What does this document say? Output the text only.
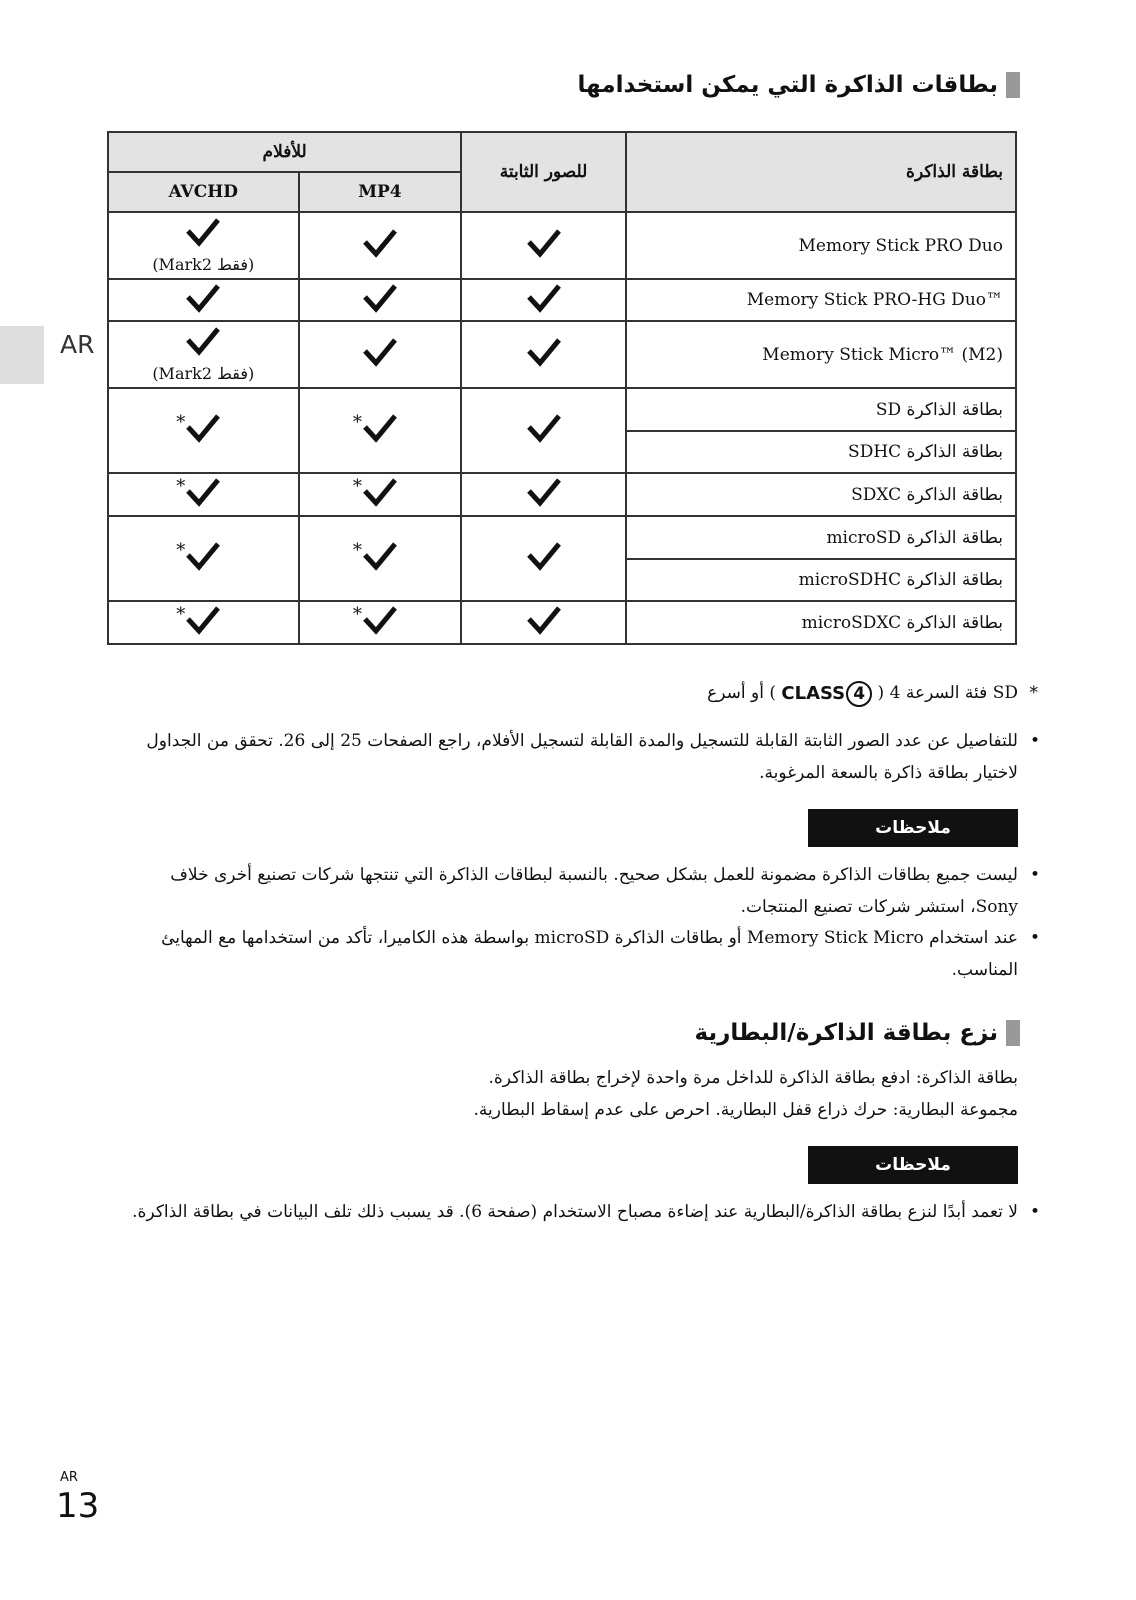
AR
بطاقات الذاكرة التي يمكن استخدامها
للأفلام		للصور الثابتة	بطاقة الذاكرة
AVCHD	MP4		

(Mark2 فقط)			Memory Stick PRO Duo
			Memory Stick PRO-HG Duo™

(Mark2 فقط)			Memory Stick Micro™ (M2)

*	*		بطاقة الذاكرة SD
			بطاقة الذاكرة SDHC

*	*		بطاقة الذاكرة SDXC

*	*		بطاقة الذاكرة microSD
			بطاقة الذاكرة microSDHC

*	*		بطاقة الذاكرة microSDXC
*
SD فئة السرعة 4 (
CLASS 4
) أو أسرع
•
للتفاصيل عن عدد الصور الثابتة القابلة للتسجيل والمدة القابلة لتسجيل الأفلام، راجع الصفحات 25 إلى 26. تحقق من الجداول
لاختيار بطاقة ذاكرة بالسعة المرغوبة.
ملاحظات
•
ليست جميع بطاقات الذاكرة مضمونة للعمل بشكل صحيح. بالنسبة لبطاقات الذاكرة التي تنتجها شركات تصنيع أخرى خلاف
Sony، استشر شركات تصنيع المنتجات.
•
عند استخدام Memory Stick Micro أو بطاقات الذاكرة microSD بواسطة هذه الكاميرا، تأكد من استخدامها مع المهايئ
المناسب.
نزع بطاقة الذاكرة/البطارية
بطاقة الذاكرة: ادفع بطاقة الذاكرة للداخل مرة واحدة لإخراج بطاقة الذاكرة.
مجموعة البطارية: حرك ذراع قفل البطارية. احرص على عدم إسقاط البطارية.
ملاحظات
•
لا تعمد أبدًا لنزع بطاقة الذاكرة/البطارية عند إضاءة مصباح الاستخدام (صفحة 6). قد يسبب ذلك تلف البيانات في بطاقة الذاكرة.
AR
13
